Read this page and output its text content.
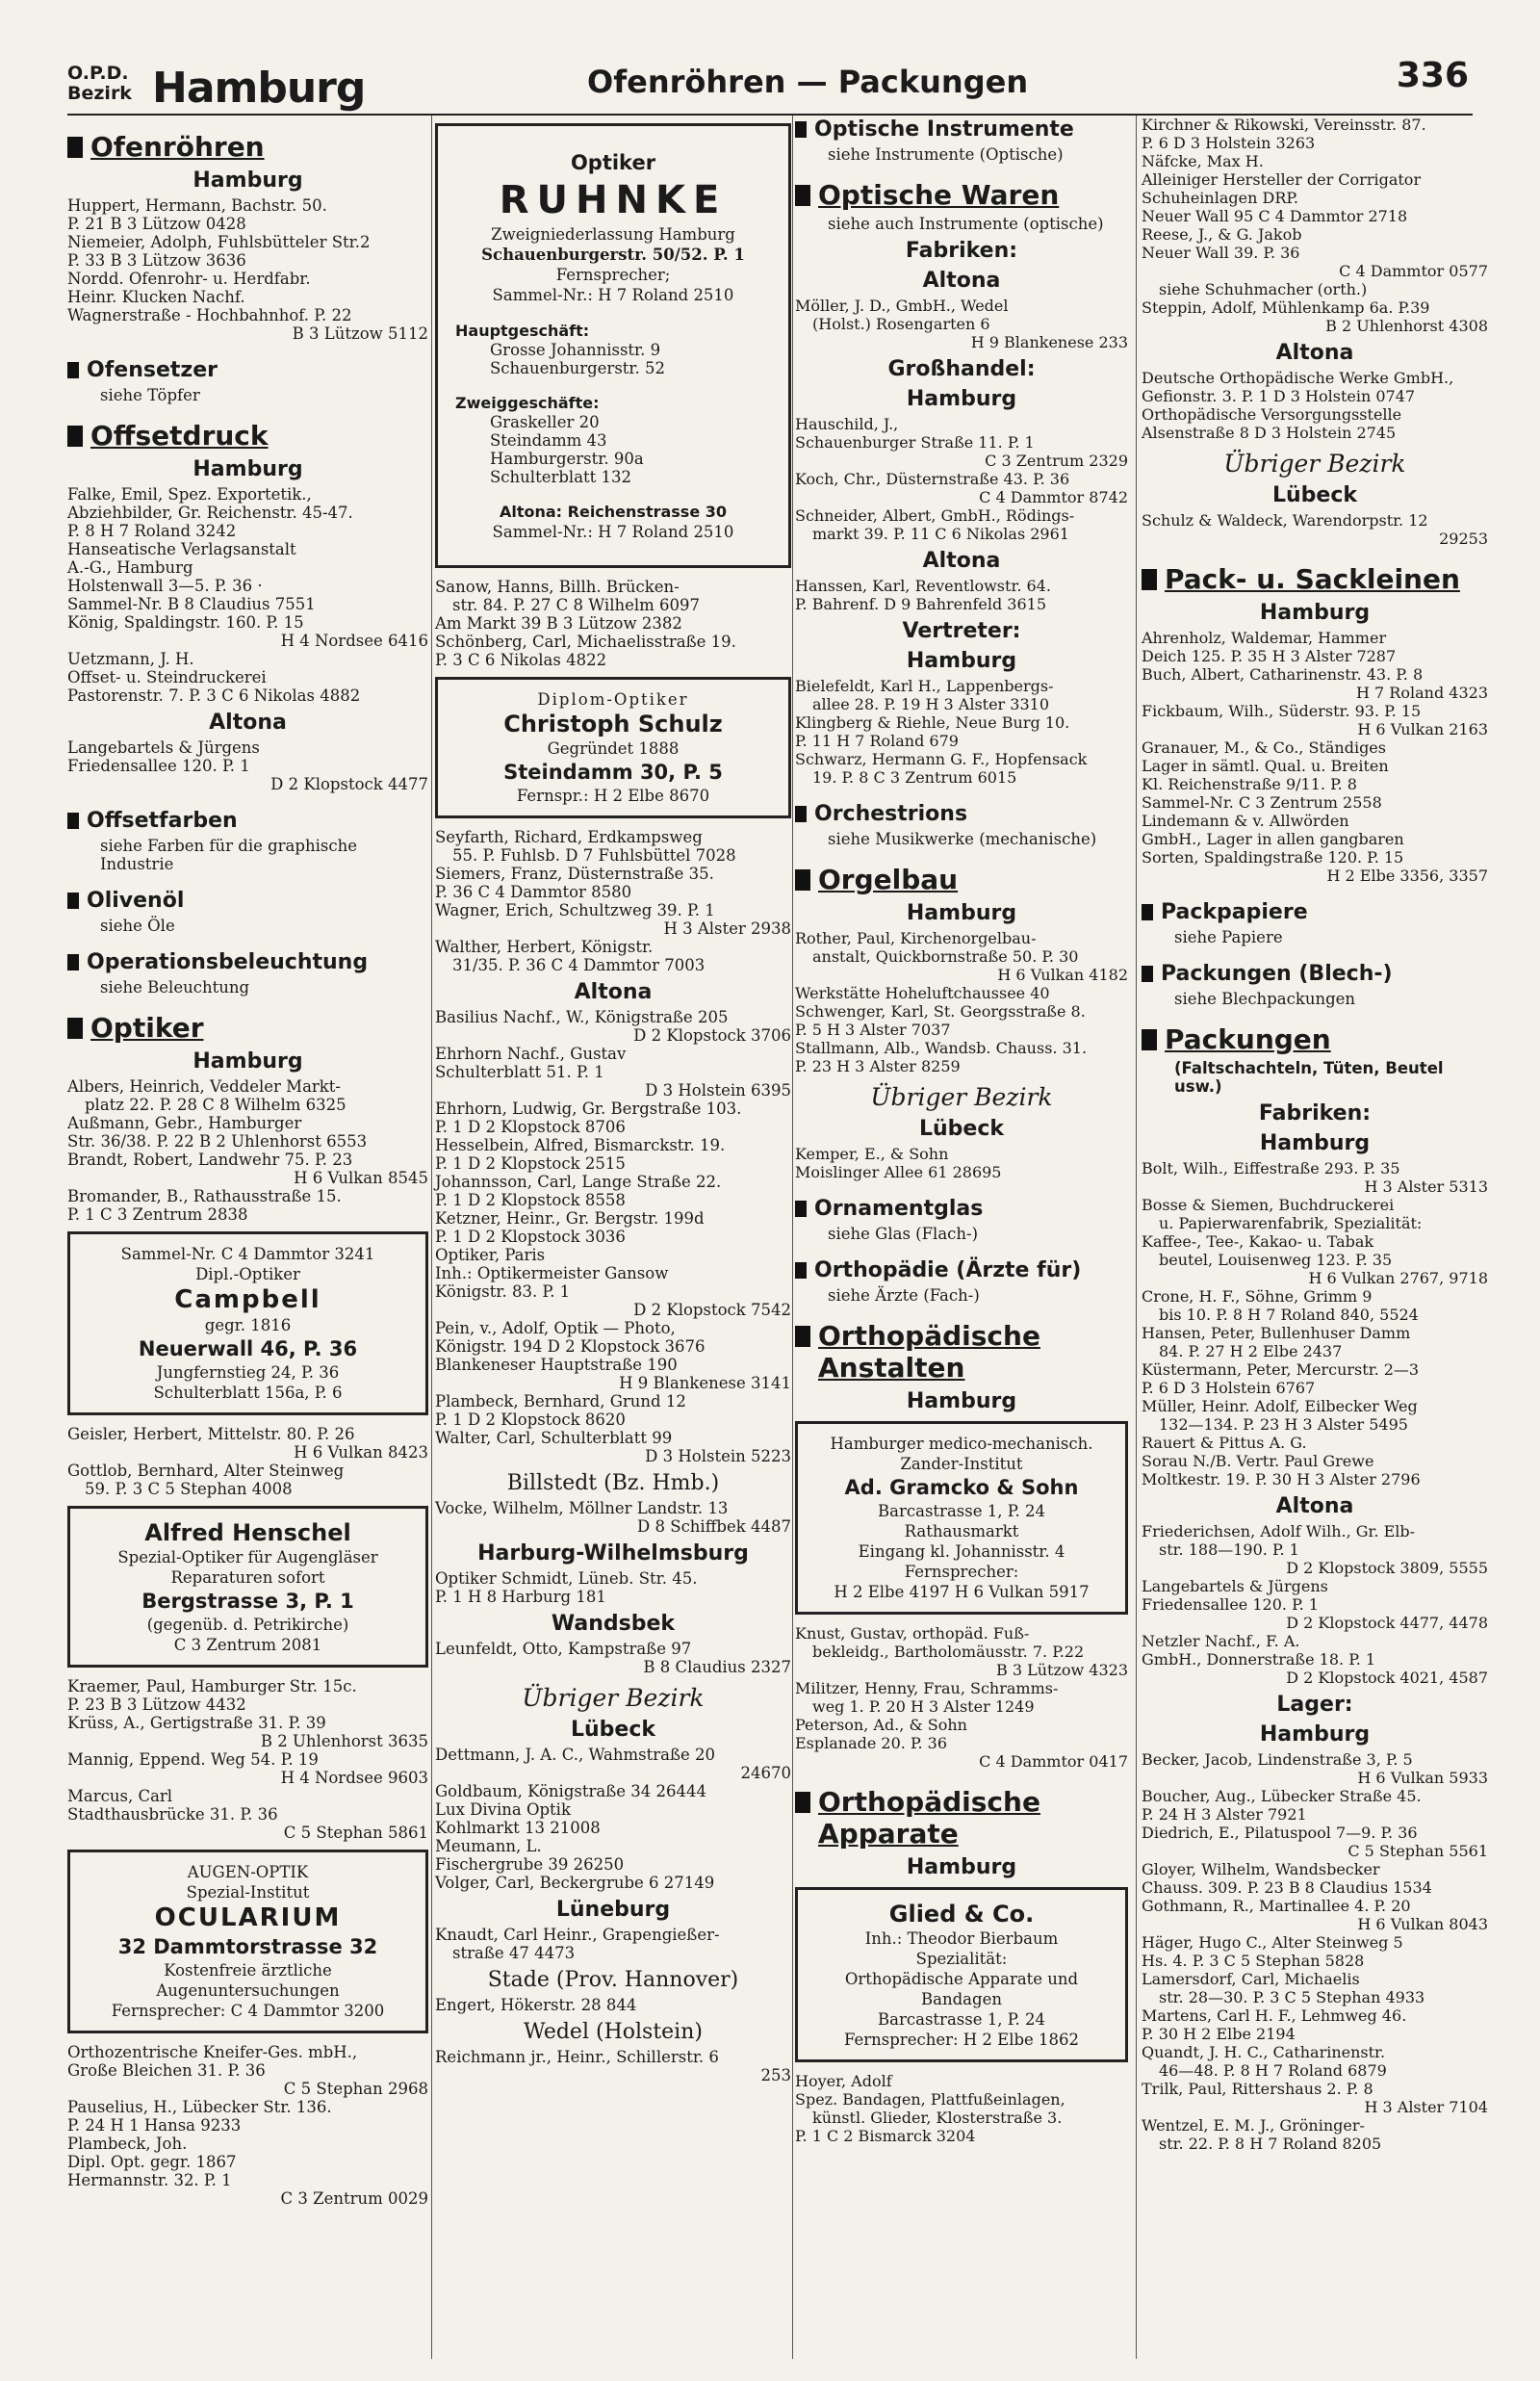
O.P.D.
Bezirk Hamburg	Ofenröhren — Packungen	336
Ofenröhren
Hamburg
Huppert, Hermann, Bachstr. 50.
P. 21 B 3 Lützow 0428
Niemeier, Adolph, Fuhlsbütteler Str.2
P. 33 B 3 Lützow 3636
Nordd. Ofenrohr- u. Herdfabr.
Heinr. Klucken Nachf.
Wagnerstraße - Hochbahnhof. P. 22
B 3 Lützow 5112
Ofensetzer
siehe Töpfer
Offsetdruck
Hamburg
Falke, Emil, Spez. Exportetik.,
Abziehbilder, Gr. Reichenstr. 45-47.
P. 8 H 7 Roland 3242
Hanseatische Verlagsanstalt
A.-G., Hamburg
Holstenwall 3—5. P. 36 ·
Sammel-Nr. B 8 Claudius 7551
König, Spaldingstr. 160. P. 15
H 4 Nordsee 6416
Uetzmann, J. H.
Offset- u. Steindruckerei
Pastorenstr. 7. P. 3 C 6 Nikolas 4882
Altona
Langebartels & Jürgens
Friedensallee 120. P. 1
D 2 Klopstock 4477
Offsetfarben
siehe Farben für die graphische Industrie
Olivenöl
siehe Öle
Operationsbeleuchtung
siehe Beleuchtung
Optiker
Hamburg
Albers, Heinrich, Veddeler Markt-
platz 22. P. 28 C 8 Wilhelm 6325
Außmann, Gebr., Hamburger
Str. 36/38. P. 22 B 2 Uhlenhorst 6553
Brandt, Robert, Landwehr 75. P. 23
H 6 Vulkan 8545
Bromander, B., Rathausstraße 15.
P. 1 C 3 Zentrum 2838
Sammel-Nr. C 4 Dammtor 3241
Dipl.-Optiker
Campbell
gegr. 1816
Neuerwall 46, P. 36
Jungfernstieg 24, P. 36
Schulterblatt 156a, P. 6
Geisler, Herbert, Mittelstr. 80. P. 26
H 6 Vulkan 8423
Gottlob, Bernhard, Alter Steinweg
59. P. 3 C 5 Stephan 4008
Alfred Henschel
Spezial-Optiker für Augengläser
Reparaturen sofort
Bergstrasse 3, P. 1
(gegenüb. d. Petrikirche)
C 3 Zentrum 2081
Kraemer, Paul, Hamburger Str. 15c.
P. 23 B 3 Lützow 4432
Krüss, A., Gertigstraße 31. P. 39
B 2 Uhlenhorst 3635
Mannig, Eppend. Weg 54. P. 19
H 4 Nordsee 9603
Marcus, Carl
Stadthausbrücke 31. P. 36
C 5 Stephan 5861
AUGEN-OPTIK
Spezial-Institut
OCULARIUM
32 Dammtorstrasse 32
Kostenfreie ärztliche
Augenuntersuchungen
Fernsprecher: C 4 Dammtor 3200
Orthozentrische Kneifer-Ges. mbH.,
Große Bleichen 31. P. 36
C 5 Stephan 2968
Pauselius, H., Lübecker Str. 136.
P. 24 H 1 Hansa 9233
Plambeck, Joh.
Dipl. Opt. gegr. 1867
Hermannstr. 32. P. 1
C 3 Zentrum 0029
Optiker
RUHNKE
Zweigniederlassung Hamburg
Schauenburgerstr. 50/52. P. 1
Fernsprecher;
Sammel-Nr.: H 7 Roland 2510
Hauptgeschäft:
Grosse Johannisstr. 9
Schauenburgerstr. 52
Zweiggeschäfte:
Graskeller 20
Steindamm 43
Hamburgerstr. 90a
Schulterblatt 132
Altona: Reichenstrasse 30
Sammel-Nr.: H 7 Roland 2510
Sanow, Hanns, Billh. Brücken-
str. 84. P. 27 C 8 Wilhelm 6097
Am Markt 39 B 3 Lützow 2382
Schönberg, Carl, Michaelisstraße 19.
P. 3 C 6 Nikolas 4822
Diplom-Optiker
Christoph Schulz
Gegründet 1888
Steindamm 30, P. 5
Fernspr.: H 2 Elbe 8670
Seyfarth, Richard, Erdkampsweg
55. P. Fuhlsb. D 7 Fuhlsbüttel 7028
Siemers, Franz, Düsternstraße 35.
P. 36 C 4 Dammtor 8580
Wagner, Erich, Schultzweg 39. P. 1
H 3 Alster 2938
Walther, Herbert, Königstr.
31/35. P. 36 C 4 Dammtor 7003
Altona
Basilius Nachf., W., Königstraße 205
D 2 Klopstock 3706
Ehrhorn Nachf., Gustav
Schulterblatt 51. P. 1
D 3 Holstein 6395
Ehrhorn, Ludwig, Gr. Bergstraße 103.
P. 1 D 2 Klopstock 8706
Hesselbein, Alfred, Bismarckstr. 19.
P. 1 D 2 Klopstock 2515
Johannsson, Carl, Lange Straße 22.
P. 1 D 2 Klopstock 8558
Ketzner, Heinr., Gr. Bergstr. 199d
P. 1 D 2 Klopstock 3036
Optiker, Paris
Inh.: Optikermeister Gansow
Königstr. 83. P. 1
D 2 Klopstock 7542
Pein, v., Adolf, Optik — Photo,
Königstr. 194 D 2 Klopstock 3676
Blankeneser Hauptstraße 190
H 9 Blankenese 3141
Plambeck, Bernhard, Grund 12
P. 1 D 2 Klopstock 8620
Walter, Carl, Schulterblatt 99
D 3 Holstein 5223
Billstedt (Bz. Hmb.)
Vocke, Wilhelm, Möllner Landstr. 13
D 8 Schiffbek 4487
Harburg-Wilhelmsburg
Optiker Schmidt, Lüneb. Str. 45.
P. 1 H 8 Harburg 181
Wandsbek
Leunfeldt, Otto, Kampstraße 97
B 8 Claudius 2327
Übriger Bezirk
Lübeck
Dettmann, J. A. C., Wahmstraße 20
24670
Goldbaum, Königstraße 34 26444
Lux Divina Optik
Kohlmarkt 13 21008
Meumann, L.
Fischergrube 39 26250
Volger, Carl, Beckergrube 6 27149
Lüneburg
Knaudt, Carl Heinr., Grapengießer-
straße 47 4473
Stade (Prov. Hannover)
Engert, Hökerstr. 28 844
Wedel (Holstein)
Reichmann jr., Heinr., Schillerstr. 6
253
Optische Instrumente
siehe Instrumente (Optische)
Optische Waren
siehe auch Instrumente (optische)
Fabriken:
Altona
Möller, J. D., GmbH., Wedel
(Holst.) Rosengarten 6
H 9 Blankenese 233
Großhandel:
Hamburg
Hauschild, J.,
Schauenburger Straße 11. P. 1
C 3 Zentrum 2329
Koch, Chr., Düsternstraße 43. P. 36
C 4 Dammtor 8742
Schneider, Albert, GmbH., Rödings-
markt 39. P. 11 C 6 Nikolas 2961
Altona
Hanssen, Karl, Reventlowstr. 64.
P. Bahrenf. D 9 Bahrenfeld 3615
Vertreter:
Hamburg
Bielefeldt, Karl H., Lappenbergs-
allee 28. P. 19 H 3 Alster 3310
Klingberg & Riehle, Neue Burg 10.
P. 11 H 7 Roland 679
Schwarz, Hermann G. F., Hopfensack
19. P. 8 C 3 Zentrum 6015
Orchestrions
siehe Musikwerke (mechanische)
Orgelbau
Hamburg
Rother, Paul, Kirchenorgelbau-
anstalt, Quickbornstraße 50. P. 30
H 6 Vulkan 4182
Werkstätte Hoheluftchaussee 40
Schwenger, Karl, St. Georgsstraße 8.
P. 5 H 3 Alster 7037
Stallmann, Alb., Wandsb. Chauss. 31.
P. 23 H 3 Alster 8259
Übriger Bezirk
Lübeck
Kemper, E., & Sohn
Moislinger Allee 61 28695
Ornamentglas
siehe Glas (Flach-)
Orthopädie (Ärzte für)
siehe Ärzte (Fach-)
Orthopädische
Anstalten
Hamburg
Hamburger medico-mechanisch.
Zander-Institut
Ad. Gramcko & Sohn
Barcastrasse 1, P. 24
Rathausmarkt
Eingang kl. Johannisstr. 4
Fernsprecher:
H 2 Elbe 4197 H 6 Vulkan 5917
Knust, Gustav, orthopäd. Fuß-
bekleidg., Bartholomäusstr. 7. P.22
B 3 Lützow 4323
Militzer, Henny, Frau, Schramms-
weg 1. P. 20 H 3 Alster 1249
Peterson, Ad., & Sohn
Esplanade 20. P. 36
C 4 Dammtor 0417
Orthopädische
Apparate
Hamburg
Glied & Co.
Inh.: Theodor Bierbaum
Spezialität:
Orthopädische Apparate und
Bandagen
Barcastrasse 1, P. 24
Fernsprecher: H 2 Elbe 1862
Hoyer, Adolf
Spez. Bandagen, Plattfußeinlagen,
künstl. Glieder, Klosterstraße 3.
P. 1 C 2 Bismarck 3204
Kirchner & Rikowski, Vereinsstr. 87.
P. 6 D 3 Holstein 3263
Näfcke, Max H.
Alleiniger Hersteller der Corrigator
Schuheinlagen DRP.
Neuer Wall 95 C 4 Dammtor 2718
Reese, J., & G. Jakob
Neuer Wall 39. P. 36
C 4 Dammtor 0577
siehe Schuhmacher (orth.)
Steppin, Adolf, Mühlenkamp 6a. P.39
B 2 Uhlenhorst 4308
Altona
Deutsche Orthopädische Werke GmbH.,
Gefionstr. 3. P. 1 D 3 Holstein 0747
Orthopädische Versorgungsstelle
Alsenstraße 8 D 3 Holstein 2745
Übriger Bezirk
Lübeck
Schulz & Waldeck, Warendorpstr. 12
29253
Pack- u. Sackleinen
Hamburg
Ahrenholz, Waldemar, Hammer
Deich 125. P. 35 H 3 Alster 7287
Buch, Albert, Catharinenstr. 43. P. 8
H 7 Roland 4323
Fickbaum, Wilh., Süderstr. 93. P. 15
H 6 Vulkan 2163
Granauer, M., & Co., Ständiges
Lager in sämtl. Qual. u. Breiten
Kl. Reichenstraße 9/11. P. 8
Sammel-Nr. C 3 Zentrum 2558
Lindemann & v. Allwörden
GmbH., Lager in allen gangbaren
Sorten, Spaldingstraße 120. P. 15
H 2 Elbe 3356, 3357
Packpapiere
siehe Papiere
Packungen (Blech-)
siehe Blechpackungen
Packungen
(Faltschachteln, Tüten, Beutel usw.)
Fabriken:
Hamburg
Bolt, Wilh., Eiffestraße 293. P. 35
H 3 Alster 5313
Bosse & Siemen, Buchdruckerei
u. Papierwarenfabrik, Spezialität:
Kaffee-, Tee-, Kakao- u. Tabak
beutel, Louisenweg 123. P. 35
H 6 Vulkan 2767, 9718
Crone, H. F., Söhne, Grimm 9
bis 10. P. 8 H 7 Roland 840, 5524
Hansen, Peter, Bullenhuser Damm
84. P. 27 H 2 Elbe 2437
Küstermann, Peter, Mercurstr. 2—3
P. 6 D 3 Holstein 6767
Müller, Heinr. Adolf, Eilbecker Weg
132—134. P. 23 H 3 Alster 5495
Rauert & Pittus A. G.
Sorau N./B. Vertr. Paul Grewe
Moltkestr. 19. P. 30 H 3 Alster 2796
Altona
Friederichsen, Adolf Wilh., Gr. Elb-
str. 188—190. P. 1
D 2 Klopstock 3809, 5555
Langebartels & Jürgens
Friedensallee 120. P. 1
D 2 Klopstock 4477, 4478
Netzler Nachf., F. A.
GmbH., Donnerstraße 18. P. 1
D 2 Klopstock 4021, 4587
Lager:
Hamburg
Becker, Jacob, Lindenstraße 3, P. 5
H 6 Vulkan 5933
Boucher, Aug., Lübecker Straße 45.
P. 24 H 3 Alster 7921
Diedrich, E., Pilatuspool 7—9. P. 36
C 5 Stephan 5561
Gloyer, Wilhelm, Wandsbecker
Chauss. 309. P. 23 B 8 Claudius 1534
Gothmann, R., Martinallee 4. P. 20
H 6 Vulkan 8043
Häger, Hugo C., Alter Steinweg 5
Hs. 4. P. 3 C 5 Stephan 5828
Lamersdorf, Carl, Michaelis
str. 28—30. P. 3 C 5 Stephan 4933
Martens, Carl H. F., Lehmweg 46.
P. 30 H 2 Elbe 2194
Quandt, J. H. C., Catharinenstr.
46—48. P. 8 H 7 Roland 6879
Trilk, Paul, Rittershaus 2. P. 8
H 3 Alster 7104
Wentzel, E. M. J., Gröninger-
str. 22. P. 8 H 7 Roland 8205
